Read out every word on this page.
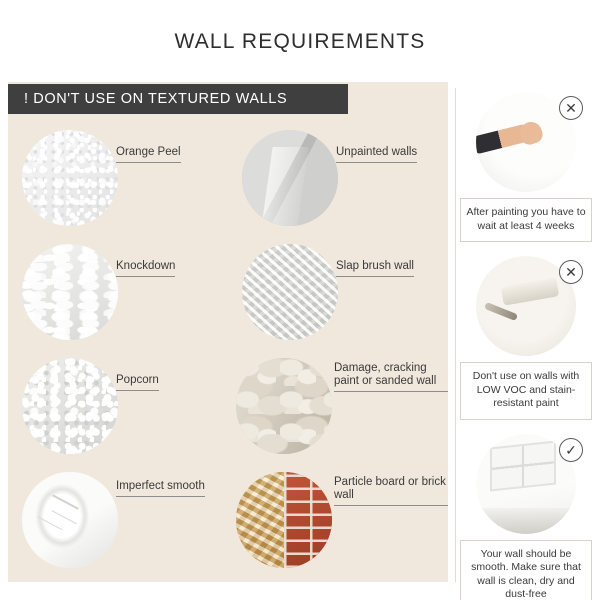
WALL REQUIREMENTS
! DON'T USE ON TEXTURED WALLS
Orange Peel	Unpainted walls
Knockdown	Slap brush wall
Popcorn
Damage, cracking paint or sanded wall
Imperfect smooth	Particle board or brick wall
✕
After painting you have to wait at least 4 weeks
✕
Don't use on walls with LOW VOC and stain-resistant paint
✓
Your wall should be smooth. Make sure that wall is clean, dry and dust-free
